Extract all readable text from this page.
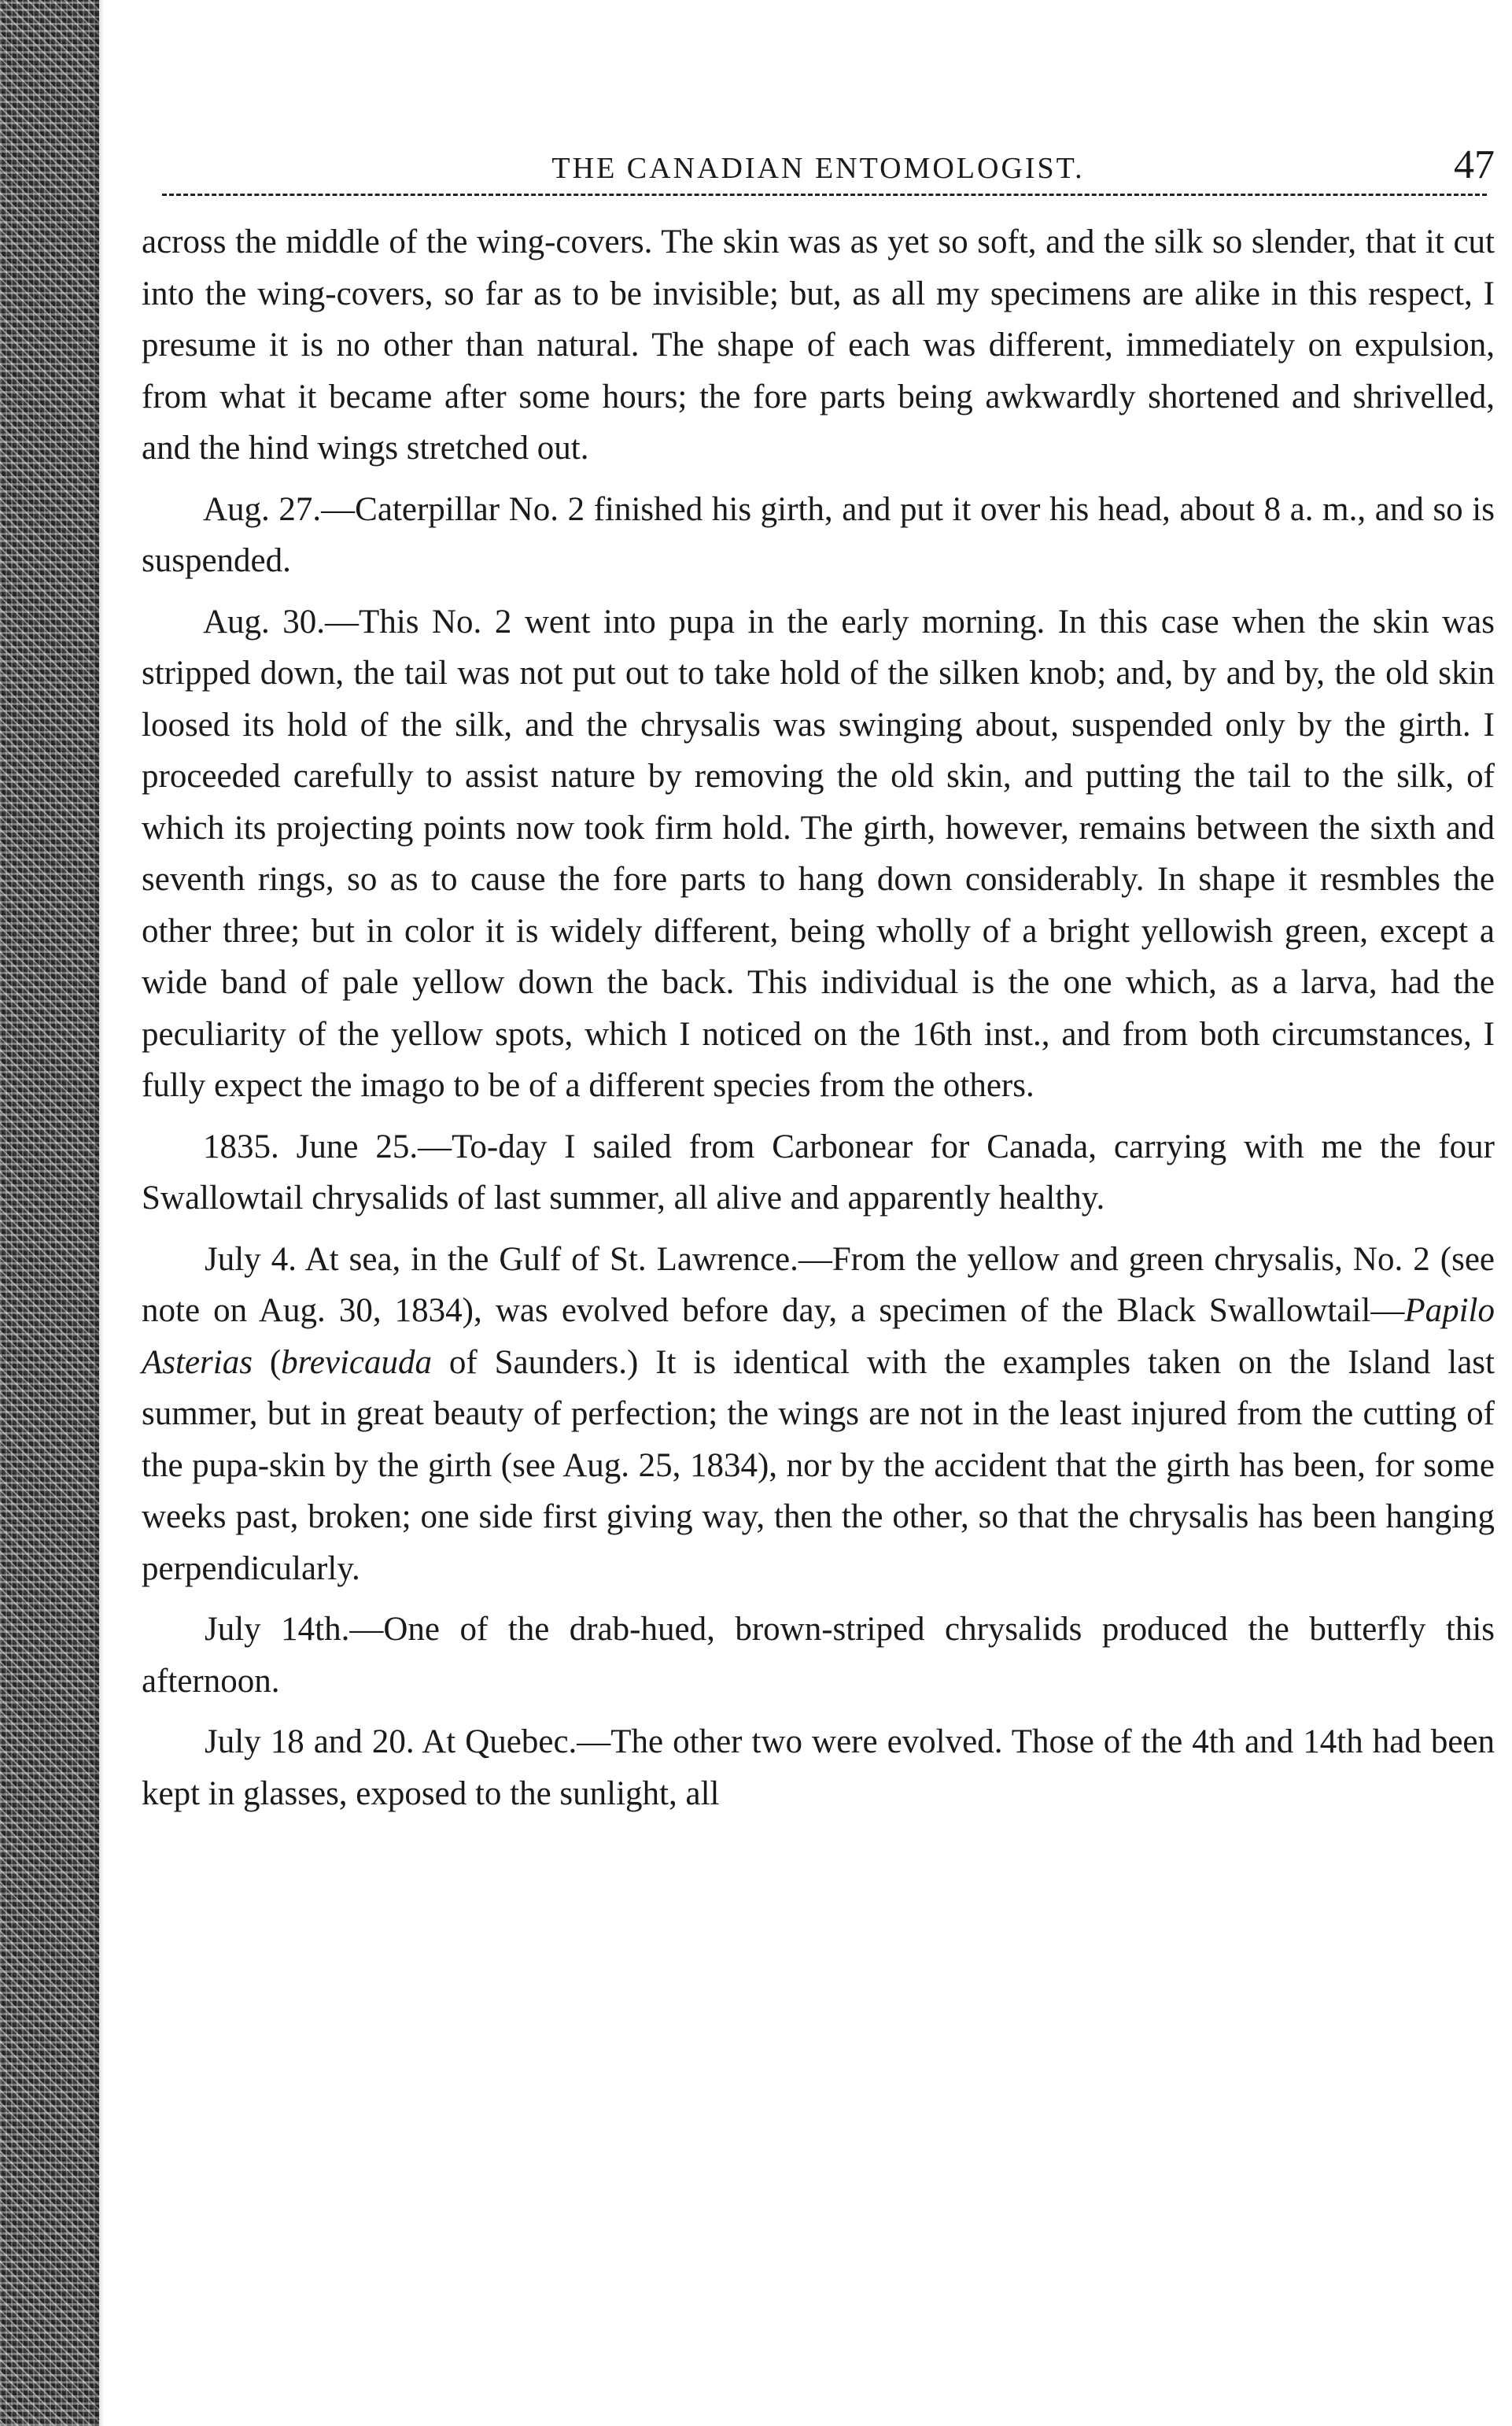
THE CANADIAN ENTOMOLOGIST.	47

across the middle of the wing-covers. The skin was as yet so soft, and the silk so slender, that it cut into the wing-covers, so far as to be invisible; but, as all my specimens are alike in this respect, I presume it is no other than natural. The shape of each was different, immediately on expulsion, from what it became after some hours; the fore parts being awkwardly shortened and shrivelled, and the hind wings stretched out.

Aug. 27.—Caterpillar No. 2 finished his girth, and put it over his head, about 8 a. m., and so is suspended.

Aug. 30.—This No. 2 went into pupa in the early morning. In this case when the skin was stripped down, the tail was not put out to take hold of the silken knob; and, by and by, the old skin loosed its hold of the silk, and the chrysalis was swinging about, suspended only by the girth. I proceeded carefully to assist nature by removing the old skin, and putting the tail to the silk, of which its projecting points now took firm hold. The girth, however, remains between the sixth and seventh rings, so as to cause the fore parts to hang down considerably. In shape it resmbles the other three; but in color it is widely different, being wholly of a bright yellowish green, except a wide band of pale yellow down the back. This individual is the one which, as a larva, had the peculiarity of the yellow spots, which I noticed on the 16th inst., and from both circumstances, I fully expect the imago to be of a different species from the others.

1835. June 25.—To-day I sailed from Carbonear for Canada, carrying with me the four Swallowtail chrysalids of last summer, all alive and apparently healthy.

July 4. At sea, in the Gulf of St. Lawrence.—From the yellow and green chrysalis, No. 2 (see note on Aug. 30, 1834), was evolved before day, a specimen of the Black Swallowtail—Papilo Asterias (brevicauda of Saunders.) It is identical with the examples taken on the Island last summer, but in great beauty of perfection; the wings are not in the least injured from the cutting of the pupa-skin by the girth (see Aug. 25, 1834), nor by the accident that the girth has been, for some weeks past, broken; one side first giving way, then the other, so that the chrysalis has been hanging perpendicularly.

July 14th.—One of the drab-hued, brown-striped chrysalids produced the butterfly this afternoon.

July 18 and 20. At Quebec.—The other two were evolved. Those of the 4th and 14th had been kept in glasses, exposed to the sunlight, all
